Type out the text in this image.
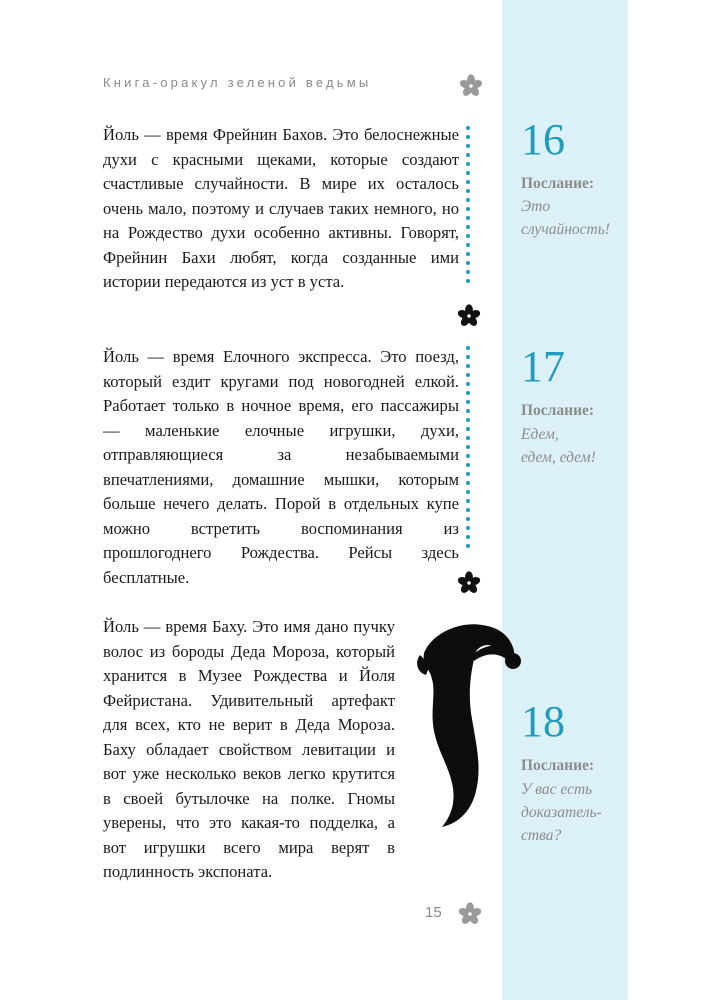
Книга-оракул зеленой ведьмы

Йоль — время Фрейнин Бахов. Это белоснежные духи с красными щеками, которые создают счастливые случайности. В мире их осталось очень мало, поэтому и случаев таких немного, но на Рождество духи особенно активны. Говорят, Фрейнин Бахи любят, когда созданные ими истории передаются из уст в уста.

16
Послание:
Это
случайность!

Йоль — время Елочного экспресса. Это поезд, который ездит кругами под новогодней елкой. Работает только в ночное время, его пассажиры — маленькие елочные игрушки, духи, отправляющиеся за незабываемыми впечатлениями, домашние мышки, которым больше нечего делать. Порой в отдельных купе можно встретить воспоминания из прошлогоднего Рождества. Рейсы здесь бесплатные.

17
Послание:
Едем,
едем, едем!

Йоль — время Баху. Это имя дано пучку волос из бороды Деда Мороза, который хранится в Музее Рождества и Йоля Фейристана. Удивительный артефакт для всех, кто не верит в Деда Мороза. Баху обладает свойством левитации и вот уже несколько веков легко крутится в своей бутылочке на полке. Гномы уверены, что это какая-то подделка, а вот игрушки всего мира верят в подлинность экспоната.

18
Послание:
У вас есть
доказатель-
ства?
15
